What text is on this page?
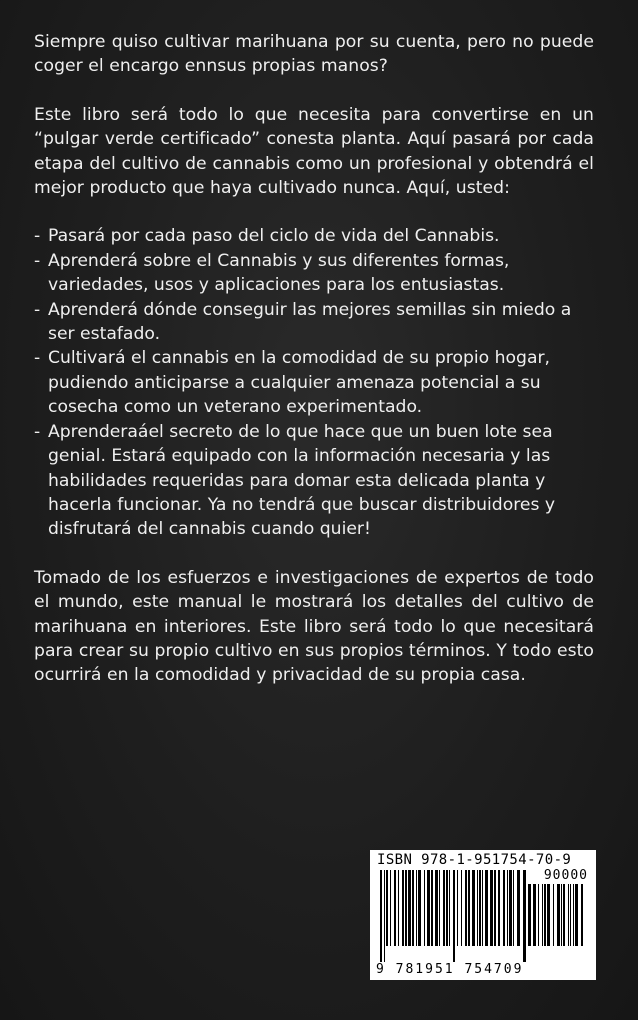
Siempre quiso cultivar marihuana por su cuenta, pero no puede coger el encargo ennsus propias manos?

Este libro será todo lo que necesita para convertirse en un “pulgar verde certificado” conesta planta. Aquí pasará por cada etapa del cultivo de cannabis como un profesional y obtendrá el mejor producto que haya cultivado nunca. Aquí, usted:

- Pasará por cada paso del ciclo de vida del Cannabis.
- Aprenderá sobre el Cannabis y sus diferentes formas, variedades, usos y aplicaciones para los entusiastas.
- Aprenderá dónde conseguir las mejores semillas sin miedo a ser estafado.
- Cultivará el cannabis en la comodidad de su propio hogar, pudiendo anticiparse a cualquier amenaza potencial a su cosecha como un veterano experimentado.
- Aprenderaáel secreto de lo que hace que un buen lote sea genial. Estará equipado con la información necesaria y las habilidades requeridas para domar esta delicada planta y hacerla funcionar. Ya no tendrá que buscar distribuidores y disfrutará del cannabis cuando quier!

Tomado de los esfuerzos e investigaciones de expertos de todo el mundo, este manual le mostrará los detalles del cultivo de marihuana en interiores. Este libro será todo lo que necesitará para crear su propio cultivo en sus propios términos. Y todo esto ocurrirá en la comodidad y privacidad de su propia casa.

ISBN 978-1-951754-70-9
90000
9 781951 754709
